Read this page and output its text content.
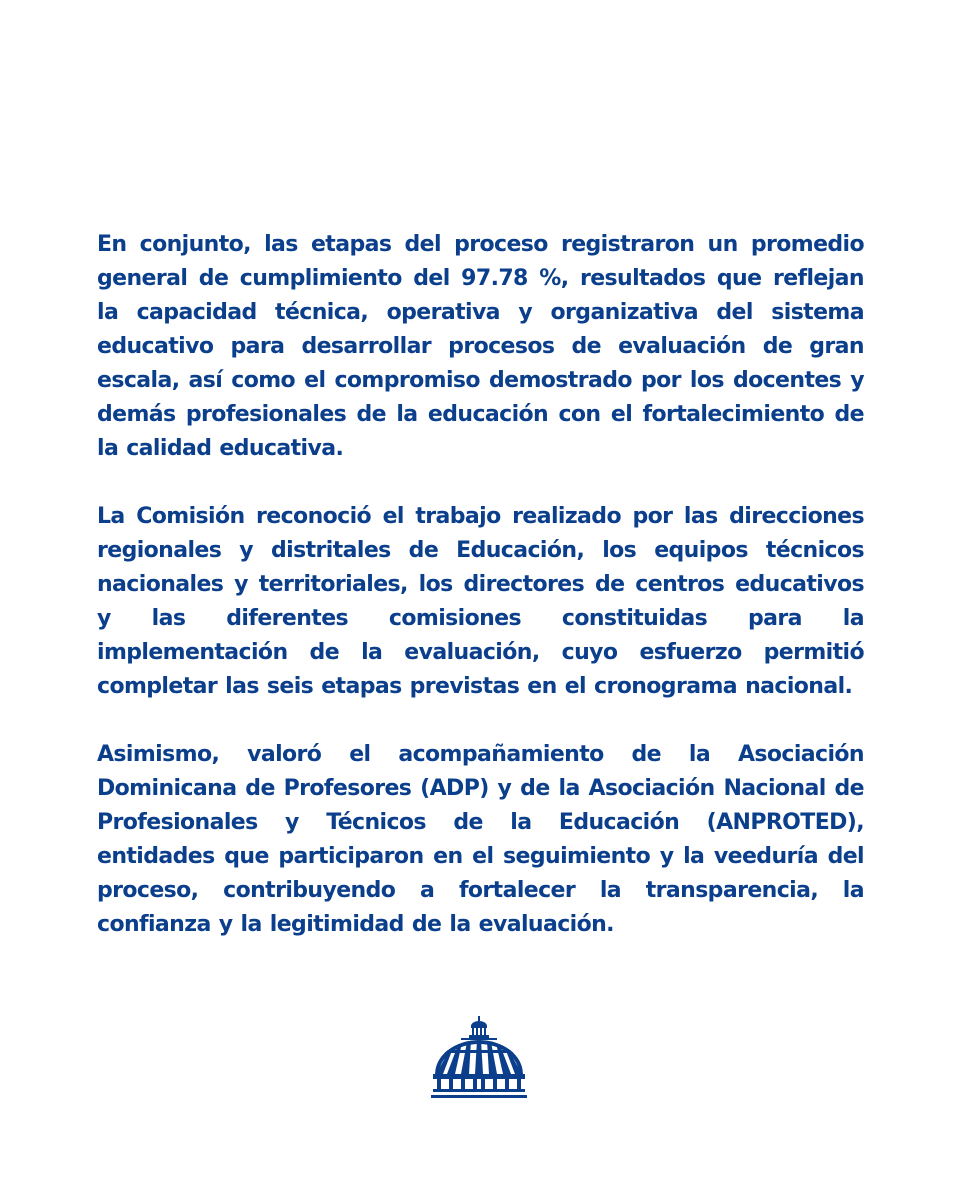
En conjunto, las etapas del proceso registraron un promedio general de cumplimiento del 97.78 %, resultados que reflejan la capacidad técnica, operativa y organizativa del sistema educativo para desarrollar procesos de evaluación de gran escala, así como el compromiso demostrado por los docentes y demás profesionales de la educación con el fortalecimiento de la calidad educativa.

La Comisión reconoció el trabajo realizado por las direcciones regionales y distritales de Educación, los equipos técnicos nacionales y territoriales, los directores de centros educativos y las diferentes comisiones constituidas para la implementación de la evaluación, cuyo esfuerzo permitió completar las seis etapas previstas en el cronograma nacional.

Asimismo, valoró el acompañamiento de la Asociación Dominicana de Profesores (ADP) y de la Asociación Nacional de Profesionales y Técnicos de la Educación (ANPROTED), entidades que participaron en el seguimiento y la veeduría del proceso, contribuyendo a fortalecer la transparencia, la confianza y la legitimidad de la evaluación.
